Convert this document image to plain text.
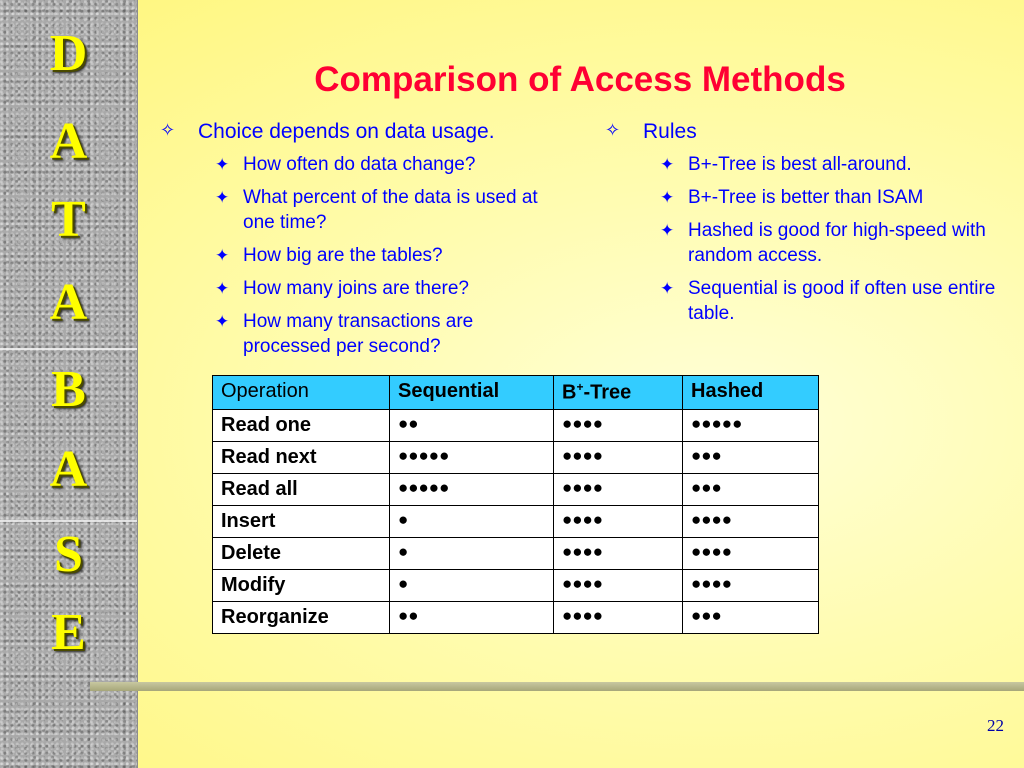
D
A
T
A
B
A
S
E
Comparison of Access Methods
✧ Choice depends on data usage.
✦ How often do data change?
✦ What percent of the data is used at one time?
✦ How big are the tables?
✦ How many joins are there?
✦ How many transactions are processed per second?
✧ Rules
✦ B+-Tree is best all-around.
✦ B+-Tree is better than ISAM
✦ Hashed is good for high-speed with random access.
✦ Sequential is good if often use entire table.
Operation	Sequential	B+-Tree	Hashed
Read one	●●	●●●●	●●●●●
Read next	●●●●●	●●●●	●●●
Read all	●●●●●	●●●●	●●●
Insert	●	●●●●	●●●●
Delete	●	●●●●	●●●●
Modify	●	●●●●	●●●●
Reorganize	●●	●●●●	●●●
22
